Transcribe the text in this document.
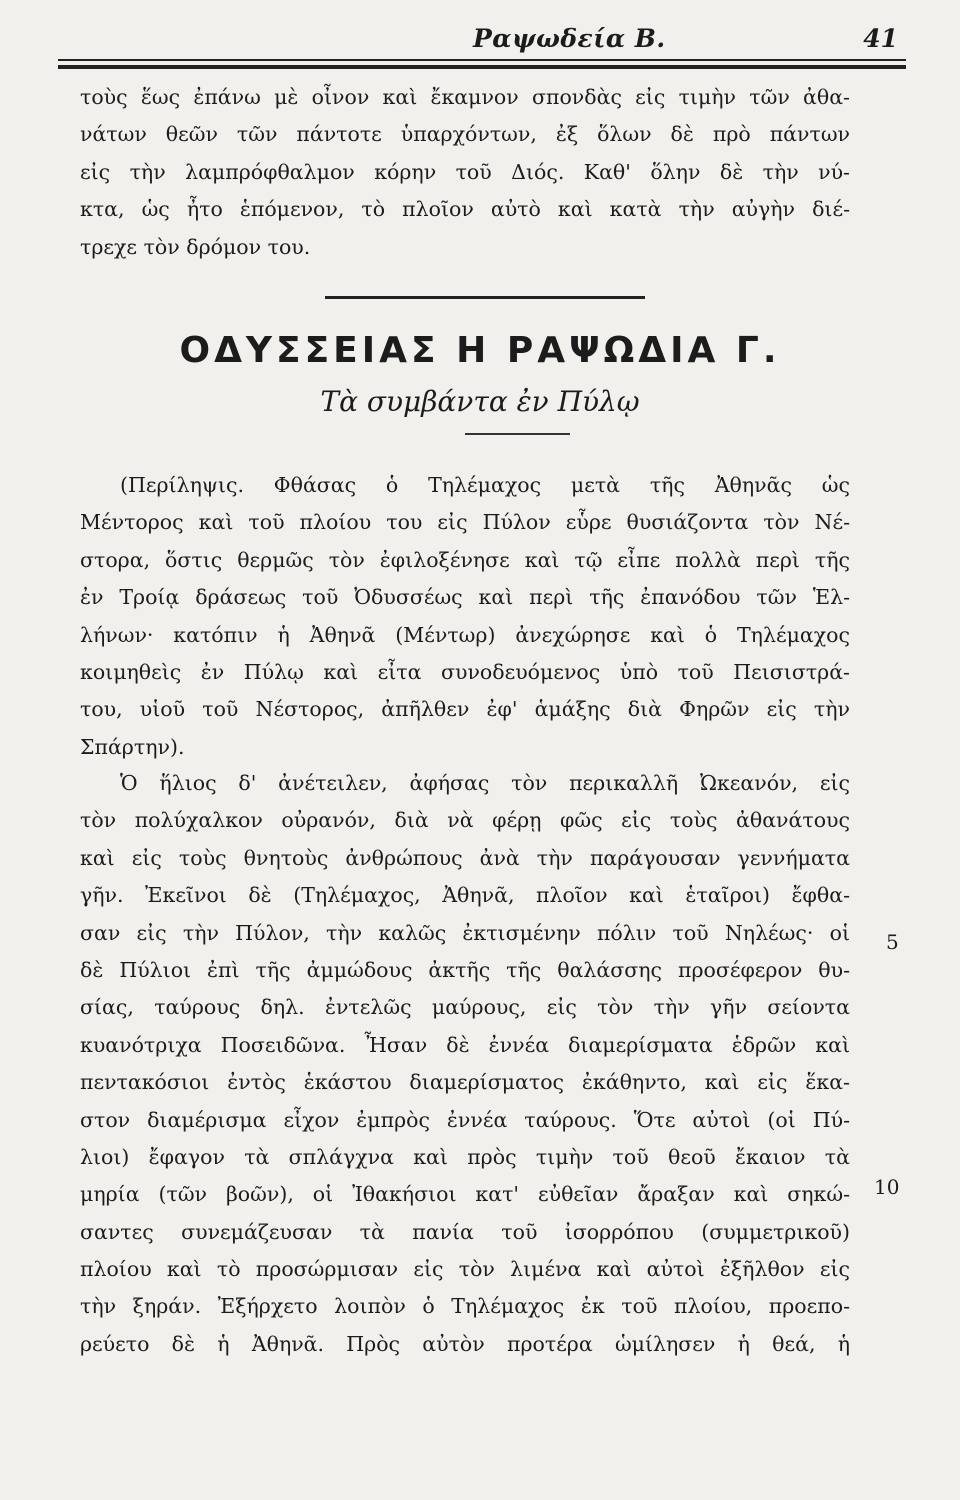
Ραψωδεία Β.	41
τοὺς ἕως ἐπάνω μὲ οἶνον καὶ ἔκαμνον σπονδὰς εἰς τιμὴν τῶν ἀθα-
νάτων θεῶν τῶν πάντοτε ὑπαρχόντων, ἐξ ὅλων δὲ πρὸ πάντων
εἰς τὴν λαμπρόφθαλμον κόρην τοῦ Διός. Καθ' ὅλην δὲ τὴν νύ-
κτα, ὡς ἦτο ἑπόμενον, τὸ πλοῖον αὐτὸ καὶ κατὰ τὴν αὐγὴν διέ-
τρεχε τὸν δρόμον του.
ΟΔΥΣΣΕΙΑΣ Η ΡΑΨΩΔΙΑ Γ.
Τὰ συμβάντα ἐν Πύλῳ
(Περίληψις. Φθάσας ὁ Τηλέμαχος μετὰ τῆς Ἀθηνᾶς ὡς
Μέντορος καὶ τοῦ πλοίου του εἰς Πύλον εὗρε θυσιάζοντα τὸν Νέ-
στορα, ὅστις θερμῶς τὸν ἐφιλοξένησε καὶ τῷ εἶπε πολλὰ περὶ τῆς
ἐν Τροίᾳ δράσεως τοῦ Ὀδυσσέως καὶ περὶ τῆς ἐπανόδου τῶν Ἑλ-
λήνων· κατόπιν ἡ Ἀθηνᾶ (Μέντωρ) ἀνεχώρησε καὶ ὁ Τηλέμαχος
κοιμηθεὶς ἐν Πύλῳ καὶ εἶτα συνοδευόμενος ὑπὸ τοῦ Πεισιστρά-
του, υἱοῦ τοῦ Νέστορος, ἀπῆλθεν ἐφ' ἁμάξης διὰ Φηρῶν εἰς τὴν
Σπάρτην).
Ὁ ἥλιος δ' ἀνέτειλεν, ἀφήσας τὸν περικαλλῆ Ὠκεανόν, εἰς
τὸν πολύχαλκον οὐρανόν, διὰ νὰ φέρῃ φῶς εἰς τοὺς ἀθανάτους
καὶ εἰς τοὺς θνητοὺς ἀνθρώπους ἀνὰ τὴν παράγουσαν γεννήματα
γῆν. Ἐκεῖνοι δὲ (Τηλέμαχος, Ἀθηνᾶ, πλοῖον καὶ ἑταῖροι) ἔφθα-
σαν εἰς τὴν Πύλον, τὴν καλῶς ἐκτισμένην πόλιν τοῦ Νηλέως· οἱ
δὲ Πύλιοι ἐπὶ τῆς ἀμμώδους ἀκτῆς τῆς θαλάσσης προσέφερον θυ-
σίας, ταύρους δηλ. ἐντελῶς μαύρους, εἰς τὸν τὴν γῆν σείοντα
κυανότριχα Ποσειδῶνα. Ἦσαν δὲ ἐννέα διαμερίσματα ἑδρῶν καὶ
πεντακόσιοι ἐντὸς ἑκάστου διαμερίσματος ἐκάθηντο, καὶ εἰς ἕκα-
στον διαμέρισμα εἶχον ἐμπρὸς ἐννέα ταύρους. Ὅτε αὐτοὶ (οἱ Πύ-
λιοι) ἔφαγον τὰ σπλάγχνα καὶ πρὸς τιμὴν τοῦ θεοῦ ἔκαιον τὰ
μηρία (τῶν βοῶν), οἱ Ἰθακήσιοι κατ' εὐθεῖαν ἄραξαν καὶ σηκώ-
σαντες συνεμάζευσαν τὰ πανία τοῦ ἰσορρόπου (συμμετρικοῦ)
πλοίου καὶ τὸ προσώρμισαν εἰς τὸν λιμένα καὶ αὐτοὶ ἐξῆλθον εἰς
τὴν ξηράν. Ἐξήρχετο λοιπὸν ὁ Τηλέμαχος ἐκ τοῦ πλοίου, προεπο-
ρεύετο δὲ ἡ Ἀθηνᾶ. Πρὸς αὐτὸν προτέρα ὡμίλησεν ἡ θεά, ἡ
5
10
